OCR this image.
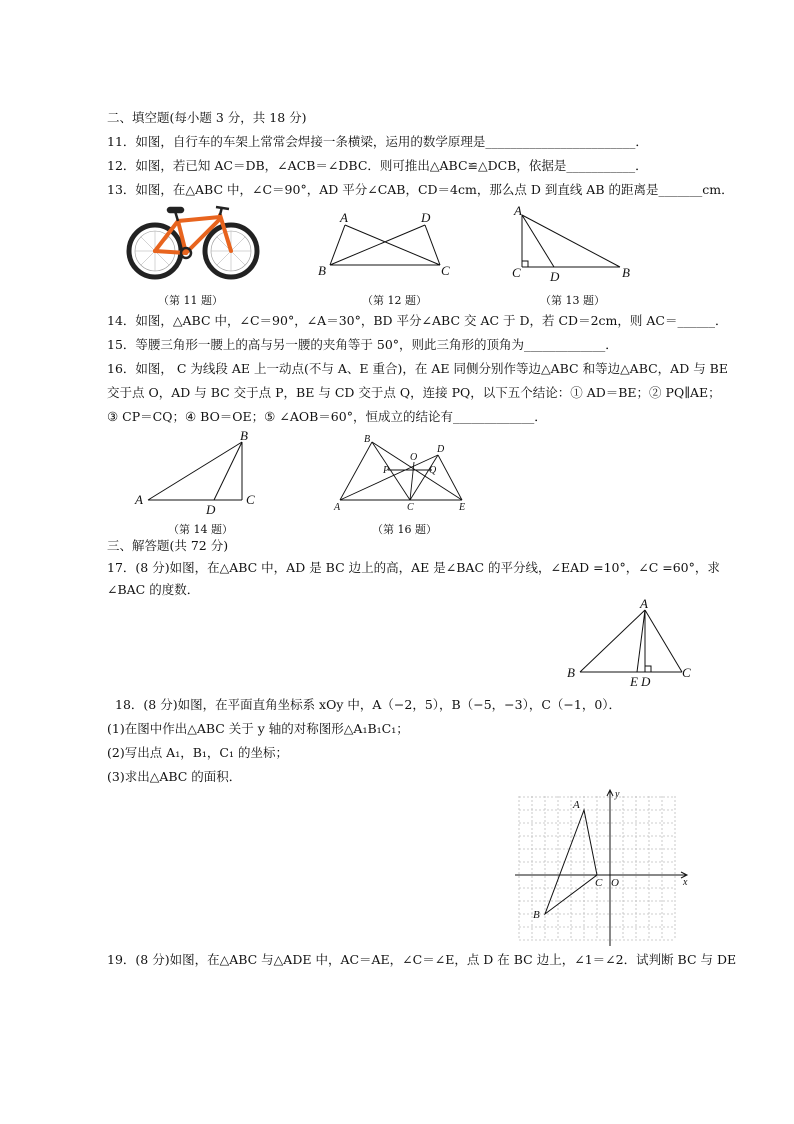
二、填空题(每小题 3 分，共 18 分)
11．如图，自行车的车架上常常会焊接一条横梁，运用的数学原理是________________________．
12．如图，若已知 AC＝DB，∠ACB＝∠DBC．则可推出△ABC≌△DCB，依据是___________．
13．如图，在△ABC 中，∠C＝90°，AD 平分∠CAB，CD＝4cm，那么点 D 到直线 AB 的距离是_______cm．
A	D
B	C
A
C D	B
（第 11 题）	（第 12 题）	（第 13 题）
14．如图，△ABC 中，∠C＝90°，∠A＝30°，BD 平分∠ABC 交 AC 于 D，若 CD＝2cm，则 AC＝______．
15．等腰三角形一腰上的高与另一腰的夹角等于 50°，则此三角形的顶角为_____________．
16．如图， C 为线段 AE 上一动点(不与 A、E 重合)，在 AE 同侧分别作等边△ABC 和等边△ABC，AD 与 BE
交于点 O，AD 与 BC 交于点 P，BE 与 CD 交于点 Q，连接 PQ，以下五个结论：① AD＝BE；② PQ∥AE；
③ CP＝CQ；④ BO＝OE；⑤ ∠AOB＝60°，恒成立的结论有_____________．
B
A
D
C
B
D
O
P	Q
A	C	E
（第 14 题）	（第 16 题）
三、解答题(共 72 分)
17．(8 分)如图，在△ABC 中，AD 是 BC 边上的高，AE 是∠BAC 的平分线，∠EAD =10°，∠C =60°，求
∠BAC 的度数．
A
B
E D
C
18．(8 分)如图，在平面直角坐标系 xOy 中，A（−2，5），B（−5，−3），C（−1，0）．
(1)在图中作出△ABC 关于 y 轴的对称图形△A₁B₁C₁；
(2)写出点 A₁，B₁，C₁ 的坐标；
(3)求出△ABC 的面积．
A
B
C O	x
y
19．(8 分)如图，在△ABC 与△ADE 中，AC＝AE，∠C＝∠E，点 D 在 BC 边上，∠1＝∠2．试判断 BC 与 DE
